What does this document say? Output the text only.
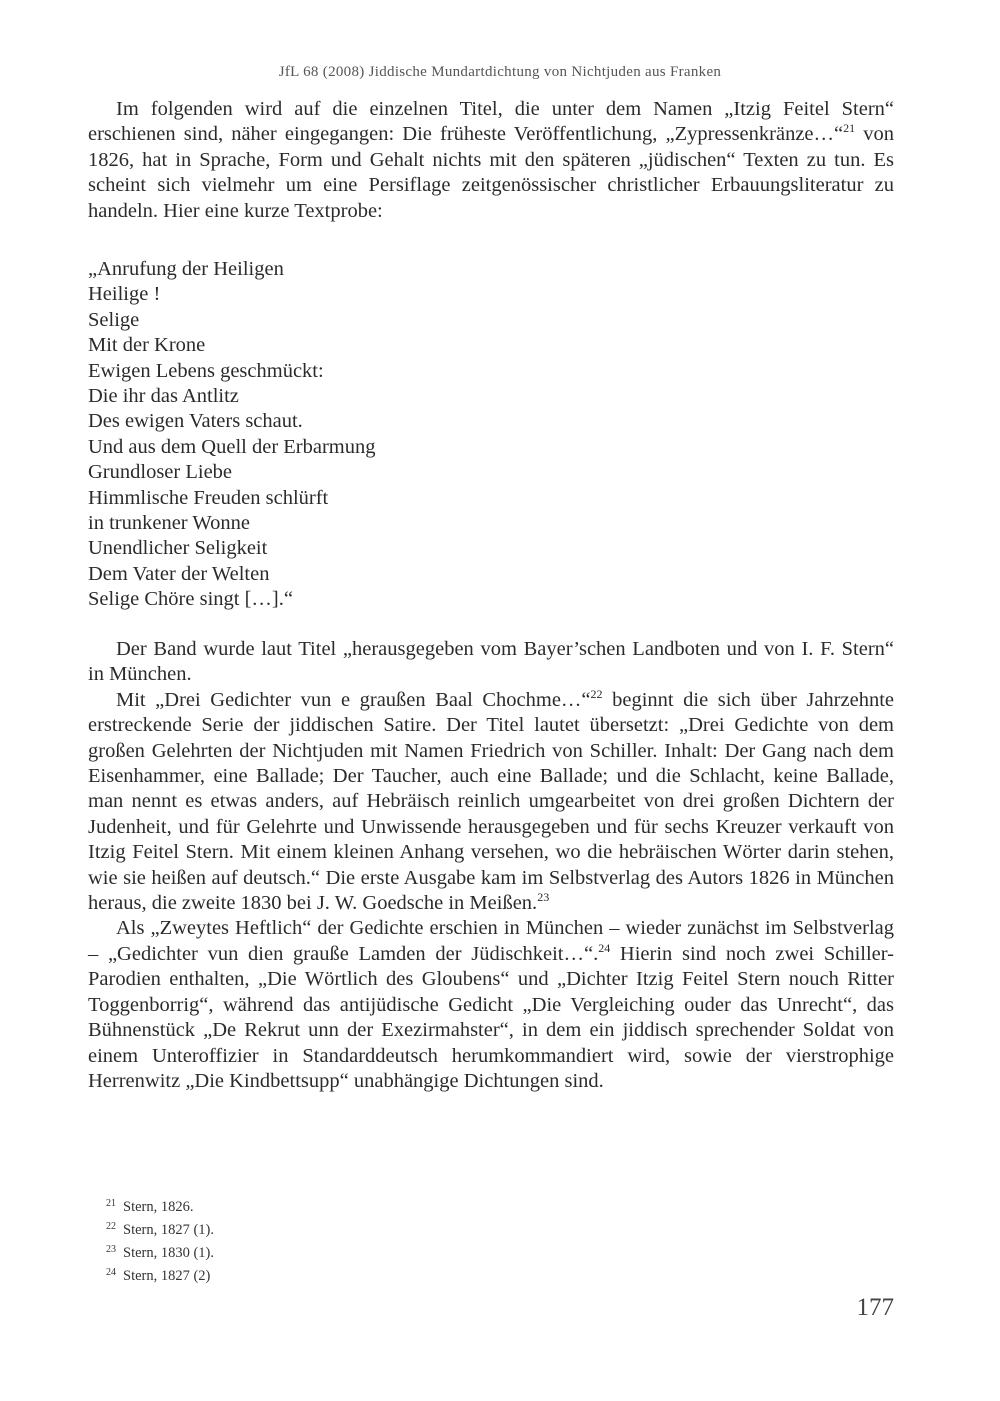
JfL 68 (2008) Jiddische Mundartdichtung von Nichtjuden aus Franken

Im folgenden wird auf die einzelnen Titel, die unter dem Namen „Itzig Feitel Stern“ erschienen sind, näher eingegangen: Die früheste Veröffentlichung, „Zypressenkränze…“$^{21}$ von 1826, hat in Sprache, Form und Gehalt nichts mit den späteren „jüdischen“ Texten zu tun. Es scheint sich vielmehr um eine Persiflage zeitgenössischer christlicher Erbauungsliteratur zu handeln. Hier eine kurze Textprobe:

„Anrufung der Heiligen
Heilige !
Selige
Mit der Krone
Ewigen Lebens geschmückt:
Die ihr das Antlitz
Des ewigen Vaters schaut.
Und aus dem Quell der Erbarmung
Grundloser Liebe
Himmlische Freuden schlürft
in trunkener Wonne
Unendlicher Seligkeit
Dem Vater der Welten
Selige Chöre singt […].“

Der Band wurde laut Titel „herausgegeben vom Bayer’schen Landboten und von I. F. Stern“ in München.

Mit „Drei Gedichter vun e graußen Baal Chochme…“$^{22}$ beginnt die sich über Jahrzehnte erstreckende Serie der jiddischen Satire. Der Titel lautet übersetzt: „Drei Gedichte von dem großen Gelehrten der Nichtjuden mit Namen Friedrich von Schiller. Inhalt: Der Gang nach dem Eisenhammer, eine Ballade; Der Taucher, auch eine Ballade; und die Schlacht, keine Ballade, man nennt es etwas anders, auf Hebräisch reinlich umgearbeitet von drei großen Dichtern der Judenheit, und für Gelehrte und Unwissende herausgegeben und für sechs Kreuzer verkauft von Itzig Feitel Stern. Mit einem kleinen Anhang versehen, wo die hebräischen Wörter darin stehen, wie sie heißen auf deutsch.“ Die erste Ausgabe kam im Selbstverlag des Autors 1826 in München heraus, die zweite 1830 bei J. W. Goedsche in Meißen.$^{23}$

Als „Zweytes Heftlich“ der Gedichte erschien in München – wieder zunächst im Selbstverlag – „Gedichter vun dien grauße Lamden der Jüdischkeit…“.$^{24}$ Hierin sind noch zwei Schiller-Parodien enthalten, „Die Wörtlich des Gloubens“ und „Dichter Itzig Feitel Stern nouch Ritter Toggenborrig“, während das antijüdische Gedicht „Die Vergleiching ouder das Unrecht“, das Bühnenstück „De Rekrut unn der Exezirmahster“, in dem ein jiddisch sprechender Soldat von einem Unteroffizier in Standarddeutsch herumkommandiert wird, sowie der vierstrophige Herrenwitz „Die Kindbettsupp“ unabhängige Dichtungen sind.

$^{21}$ Stern, 1826.
$^{22}$ Stern, 1827 (1).
$^{23}$ Stern, 1830 (1).
$^{24}$ Stern, 1827 (2)
177
